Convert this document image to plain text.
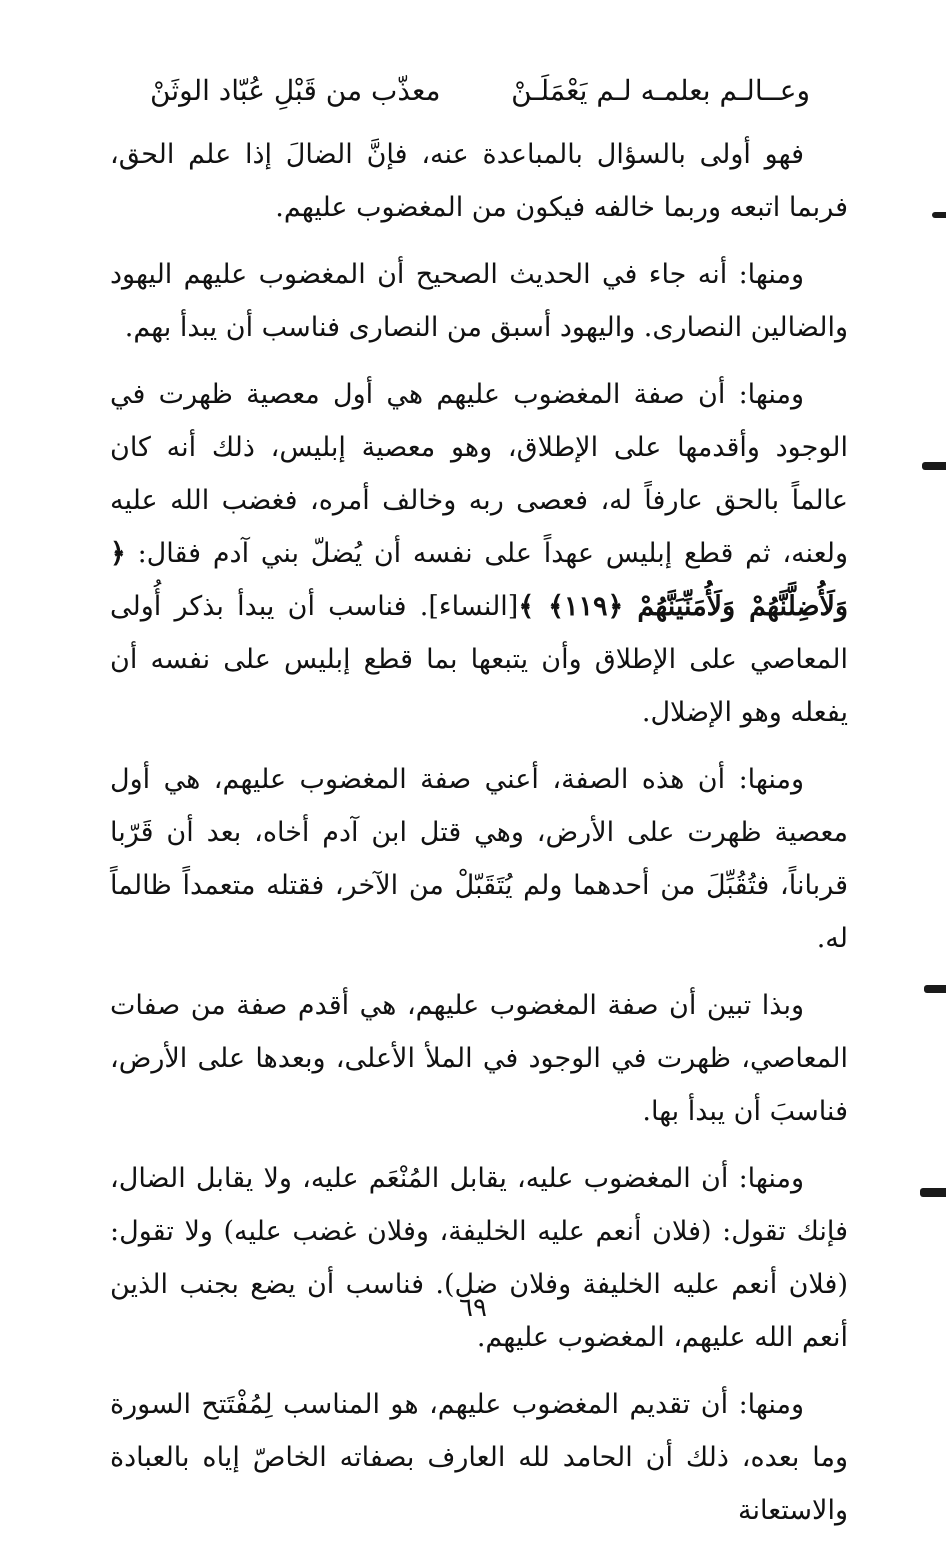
وعــالـم بعلمـه لـم يَعْمَلَـنْ
معذّب من قَبْلِ عُبّاد الوثَنْ

فهو أولى بالسؤال بالمباعدة عنه، فإنَّ الضالَ إذا علم الحق، فربما اتبعه وربما خالفه فيكون من المغضوب عليهم.

ومنها: أنه جاء في الحديث الصحيح أن المغضوب عليهم اليهود والضالين النصارى. واليهود أسبق من النصارى فناسب أن يبدأ بهم.

ومنها: أن صفة المغضوب عليهم هي أول معصية ظهرت في الوجود وأقدمها على الإطلاق، وهو معصية إبليس، ذلك أنه كان عالماً بالحق عارفاً له، فعصى ربه وخالف أمره، فغضب الله عليه ولعنه، ثم قطع إبليس عهداً على نفسه أن يُضلّ بني آدم فقال: ﴿ وَلَأُضِلَّنَّهُمْ وَلَأُمَنِّيَنَّهُمْ ﴿١١٩﴾ ﴾[النساء]. فناسب أن يبدأ بذكر أُولى المعاصي على الإطلاق وأن يتبعها بما قطع إبليس على نفسه أن يفعله وهو الإضلال.

ومنها: أن هذه الصفة، أعني صفة المغضوب عليهم، هي أول معصية ظهرت على الأرض، وهي قتل ابن آدم أخاه، بعد أن قَرّبا قرباناً، فتُقُبِّلَ من أحدهما ولم يُتَقَبّلْ من الآخر، فقتله متعمداً ظالماً له.

وبذا تبين أن صفة المغضوب عليهم، هي أقدم صفة من صفات المعاصي، ظهرت في الوجود في الملأ الأعلى، وبعدها على الأرض، فناسبَ أن يبدأ بها.

ومنها: أن المغضوب عليه، يقابل المُنْعَم عليه، ولا يقابل الضال، فإنك تقول: (فلان أنعم عليه الخليفة، وفلان غضب عليه) ولا تقول: (فلان أنعم عليه الخليفة وفلان ضل). فناسب أن يضع بجنب الذين أنعم الله عليهم، المغضوب عليهم.

ومنها: أن تقديم المغضوب عليهم، هو المناسب لِمُفْتَتح السورة وما بعده، ذلك أن الحامد لله العارف بصفاته الخاصّ إياه بالعبادة والاستعانة

٦٩
